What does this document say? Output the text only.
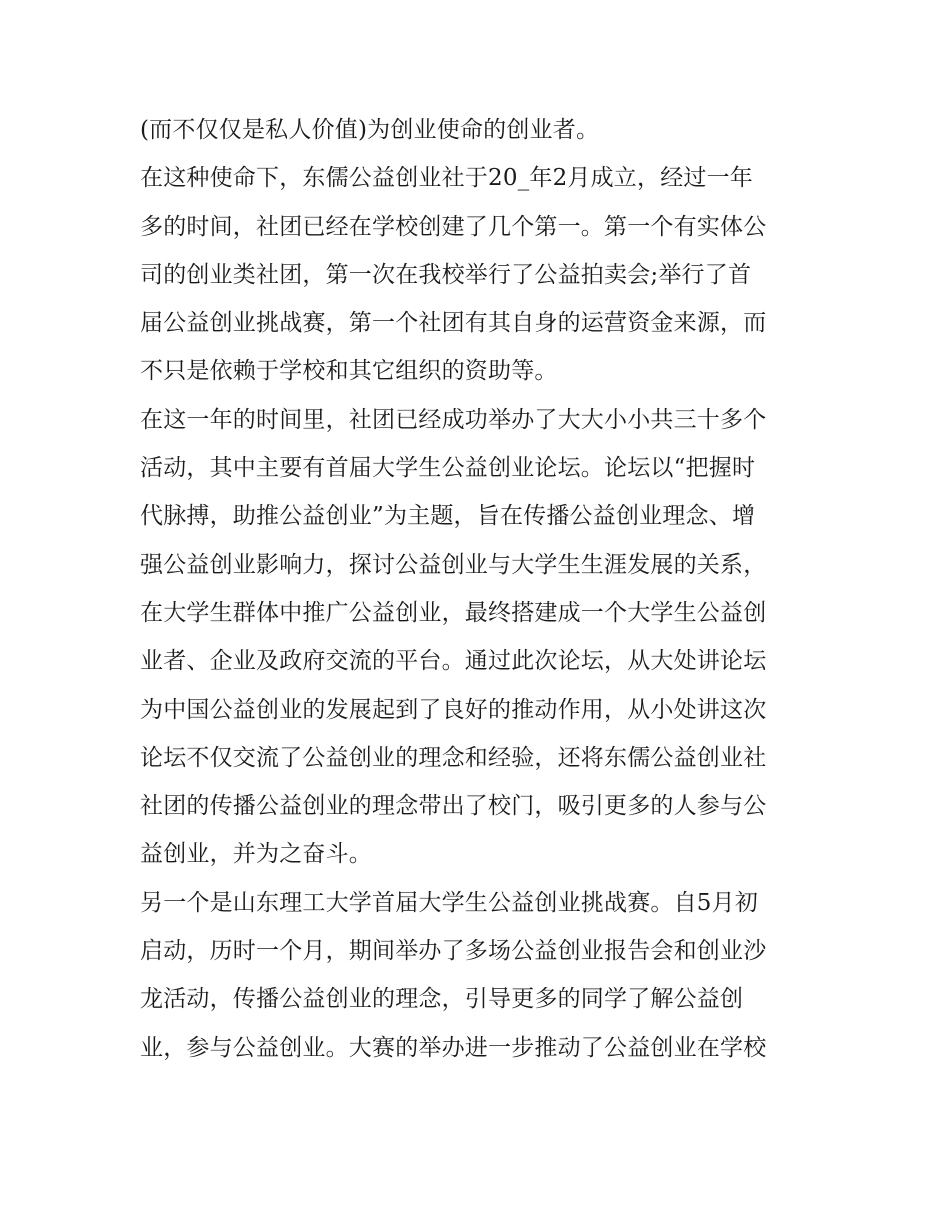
(而不仅仅是私人价值)为创业使命的创业者。
在这种使命下，东儒公益创业社于20_年2月成立，经过一年
多的时间，社团已经在学校创建了几个第一。第一个有实体公
司的创业类社团，第一次在我校举行了公益拍卖会;举行了首
届公益创业挑战赛，第一个社团有其自身的运营资金来源，而
不只是依赖于学校和其它组织的资助等。
在这一年的时间里，社团已经成功举办了大大小小共三十多个
活动，其中主要有首届大学生公益创业论坛。论坛以“把握时
代脉搏，助推公益创业”为主题，旨在传播公益创业理念、增
强公益创业影响力，探讨公益创业与大学生生涯发展的关系，
在大学生群体中推广公益创业，最终搭建成一个大学生公益创
业者、企业及政府交流的平台。通过此次论坛，从大处讲论坛
为中国公益创业的发展起到了良好的推动作用，从小处讲这次
论坛不仅交流了公益创业的理念和经验，还将东儒公益创业社
社团的传播公益创业的理念带出了校门，吸引更多的人参与公
益创业，并为之奋斗。
另一个是山东理工大学首届大学生公益创业挑战赛。自5月初
启动，历时一个月，期间举办了多场公益创业报告会和创业沙
龙活动，传播公益创业的理念，引导更多的同学了解公益创
业，参与公益创业。大赛的举办进一步推动了公益创业在学校
